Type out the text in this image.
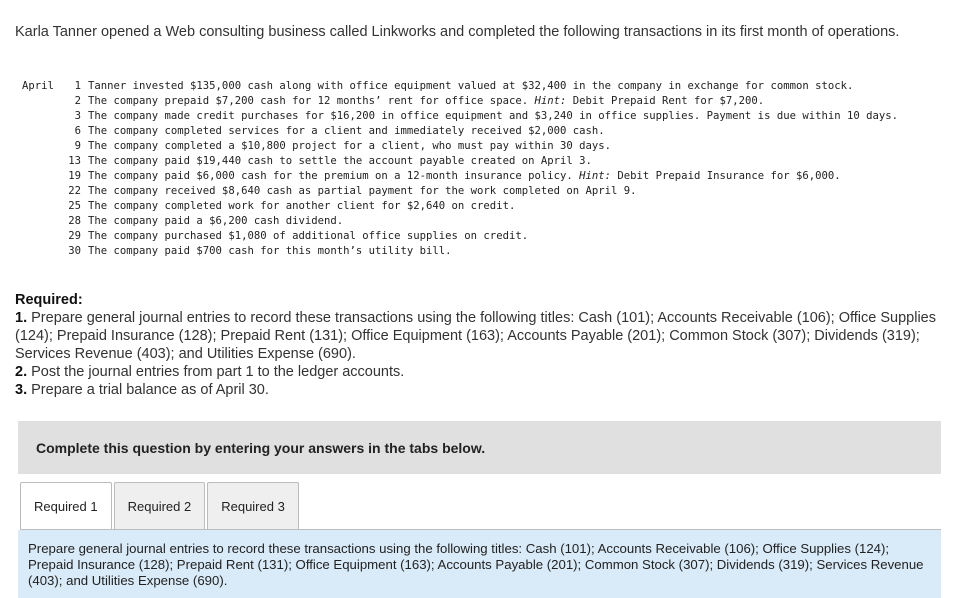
Karla Tanner opened a Web consulting business called Linkworks and completed the following transactions in its first month of operations.
April	1 Tanner invested $135,000 cash along with office equipment valued at $32,400 in the company in exchange for common stock.
2 The company prepaid $7,200 cash for 12 months’ rent for office space. Hint: Debit Prepaid Rent for $7,200.
3 The company made credit purchases for $16,200 in office equipment and $3,240 in office supplies. Payment is due within 10 days.
6 The company completed services for a client and immediately received $2,000 cash.
9 The company completed a $10,800 project for a client, who must pay within 30 days.
13 The company paid $19,440 cash to settle the account payable created on April 3.
19 The company paid $6,000 cash for the premium on a 12-month insurance policy. Hint: Debit Prepaid Insurance for $6,000.
22 The company received $8,640 cash as partial payment for the work completed on April 9.
25 The company completed work for another client for $2,640 on credit.
28 The company paid a $6,200 cash dividend.
29 The company purchased $1,080 of additional office supplies on credit.
30 The company paid $700 cash for this month’s utility bill.
Required:
1. Prepare general journal entries to record these transactions using the following titles: Cash (101); Accounts Receivable (106); Office Supplies (124); Prepaid Insurance (128); Prepaid Rent (131); Office Equipment (163); Accounts Payable (201); Common Stock (307); Dividends (319); Services Revenue (403); and Utilities Expense (690).
2. Post the journal entries from part 1 to the ledger accounts.
3. Prepare a trial balance as of April 30.
Complete this question by entering your answers in the tabs below.
Required 1	Required 2	Required 3

Prepare general journal entries to record these transactions using the following titles: Cash (101); Accounts Receivable (106); Office Supplies (124); Prepaid Insurance (128); Prepaid Rent (131); Office Equipment (163); Accounts Payable (201); Common Stock (307); Dividends (319); Services Revenue (403); and Utilities Expense (690).
